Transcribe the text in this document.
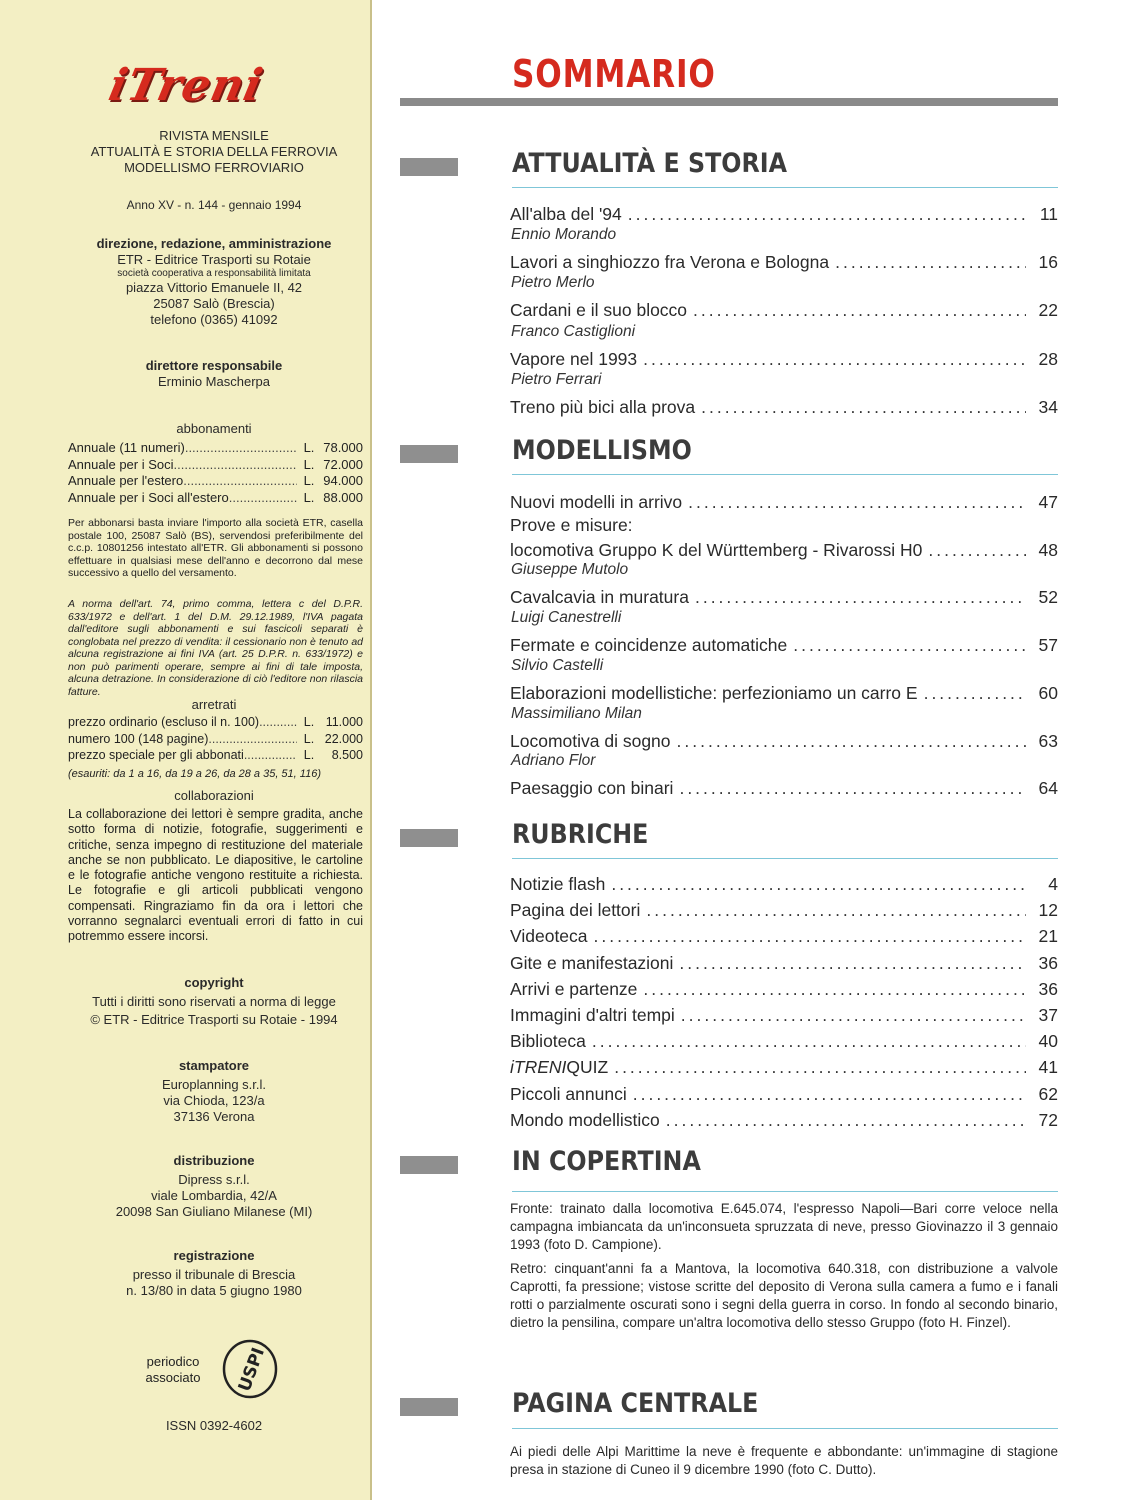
iTreni
RIVISTA MENSILE
ATTUALITÀ E STORIA DELLA FERROVIA
MODELLISMO FERROVIARIO
Anno XV - n. 144 - gennaio 1994
direzione, redazione, amministrazione
ETR - Editrice Trasporti su Rotaie
società cooperativa a responsabilità limitata
piazza Vittorio Emanuele II, 42
25087 Salò (Brescia)
telefono (0365) 41092
direttore responsabile
Erminio Mascherpa
abbonamenti
Annuale (11 numeri) .....	L. 78.000
Annuale per i Soci .....	L. 72.000
Annuale per l'estero .....	L. 94.000
Annuale per i Soci all'estero .....	L. 88.000
Per abbonarsi basta inviare l'importo alla società ETR, casella postale 100, 25087 Salò (BS), servendosi preferibilmente del c.c.p. 10801256 intestato all'ETR. Gli abbonamenti si possono effettuare in qualsiasi mese dell'anno e decorrono dal mese successivo a quello del versamento.
A norma dell'art. 74, primo comma, lettera c del D.P.R. 633/1972 e dell'art. 1 del D.M. 29.12.1989, l'IVA pagata dall'editore sugli abbonamenti e sui fascicoli separati è conglobata nel prezzo di vendita: il cessionario non è tenuto ad alcuna registrazione ai fini IVA (art. 25 D.P.R. n. 633/1972) e non può parimenti operare, sempre ai fini di tale imposta, alcuna detrazione. In considerazione di ciò l'editore non rilascia fatture.
arretrati
prezzo ordinario (escluso il n. 100) .....	L. 11.000
numero 100 (148 pagine) .....	L. 22.000
prezzo speciale per gli abbonati .....	L.	8.500
(esauriti: da 1 a 16, da 19 a 26, da 28 a 35, 51, 116)
collaborazioni
La collaborazione dei lettori è sempre gradita, anche sotto forma di notizie, fotografie, suggerimenti e critiche, senza impegno di restituzione del materiale anche se non pubblicato. Le diapositive, le cartoline e le fotografie antiche vengono restituite a richiesta. Le fotografie e gli articoli pubblicati vengono compensati. Ringraziamo fin da ora i lettori che vorranno segnalarci eventuali errori di fatto in cui potremmo essere incorsi.
copyright
Tutti i diritti sono riservati a norma di legge
© ETR - Editrice Trasporti su Rotaie - 1994
stampatore
Europlanning s.r.l.
via Chioda, 123/a
37136 Verona
distribuzione
Dipress s.r.l.
viale Lombardia, 42/A
20098 San Giuliano Milanese (MI)
registrazione
presso il tribunale di Brescia
n. 13/80 in data 5 giugno 1980
periodico
associato	USPI
ISSN 0392-4602
SOMMARIO
ATTUALITÀ E STORIA
All'alba del '94 .....	11
Ennio Morando
Lavori a singhiozzo fra Verona e Bologna .....	16
Pietro Merlo
Cardani e il suo blocco .....	22
Franco Castiglioni
Vapore nel 1993 .....	28
Pietro Ferrari
Treno più bici alla prova .....	34
MODELLISMO
Nuovi modelli in arrivo .....	47
Prove e misure:
locomotiva Gruppo K del Württemberg - Rivarossi H0 .....	48
Giuseppe Mutolo
Cavalcavia in muratura .....	52
Luigi Canestrelli
Fermate e coincidenze automatiche .....	57
Silvio Castelli
Elaborazioni modellistiche: perfezioniamo un carro E .....	60
Massimiliano Milan
Locomotiva di sogno .....	63
Adriano Flor
Paesaggio con binari .....	64
RUBRICHE
Notizie flash .....	4
Pagina dei lettori .....	12
Videoteca .....	21
Gite e manifestazioni .....	36
Arrivi e partenze .....	36
Immagini d'altri tempi .....	37
Biblioteca .....	40
iTRENIQUIZ .....	41
Piccoli annunci .....	62
Mondo modellistico .....	72
IN COPERTINA
Fronte: trainato dalla locomotiva E.645.074, l'espresso Napoli—Bari corre veloce nella campagna imbiancata da un'inconsueta spruzzata di neve, presso Giovinazzo il 3 gennaio 1993 (foto D. Campione).
Retro: cinquant'anni fa a Mantova, la locomotiva 640.318, con distribuzione a valvole Caprotti, fa pressione; vistose scritte del deposito di Verona sulla camera a fumo e i fanali rotti o parzialmente oscurati sono i segni della guerra in corso. In fondo al secondo binario, dietro la pensilina, compare un'altra locomotiva dello stesso Gruppo (foto H. Finzel).
PAGINA CENTRALE
Ai piedi delle Alpi Marittime la neve è frequente e abbondante: un'immagine di stagione presa in stazione di Cuneo il 9 dicembre 1990 (foto C. Dutto).
